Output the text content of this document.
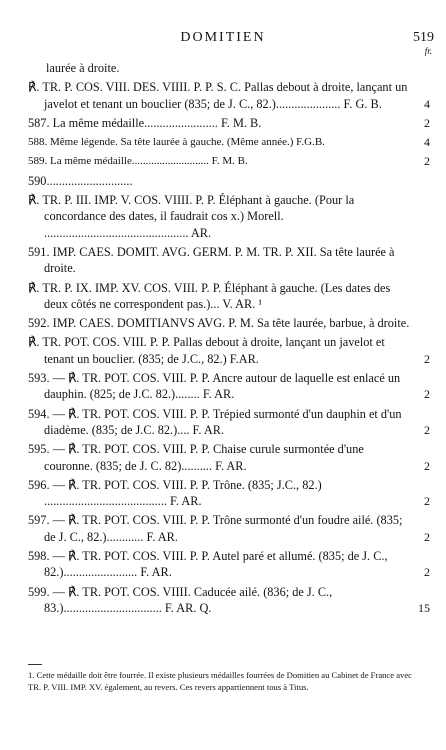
DOMITIEN	519
fr.
laurée à droite.
℟. TR. P. COS. VIII. DES. VIIII. P. P. S. C. Pallas debout à droite, lançant un javelot et tenant un bouclier (835; de J. C., 82.)..................... F. G. B.	4
587. La même médaille........................ F. M. B.	2
588. Même légende. Sa tête laurée à gauche. (Même année.) F.G.B.	4
589. La même médaille............................ F. M. B.	2
590............................
℟. TR. P. III. IMP. V. COS. VIIII. P. P. Éléphant à gauche. (Pour la concordance des dates, il faudrait cos x.) Morell. ............................................... AR.
591. IMP. CAES. DOMIT. AVG. GERM. P. M. TR. P. XII. Sa tête laurée à droite.
℟. TR. P. IX. IMP. XV. COS. VIII. P. P. Éléphant à gauche. (Les dates des deux côtés ne correspondent pas.)... V. AR. ¹
592. IMP. CAES. DOMITIANVS AVG. P. M. Sa tête laurée, barbue, à droite.
℟. TR. POT. COS. VIII. P. P. Pallas debout à droite, lançant un javelot et tenant un bouclier. (835; de J.C., 82.) F.AR.	2
593. — ℟. TR. POT. COS. VIII. P. P. Ancre autour de laquelle est enlacé un dauphin. (825; de J.C. 82.)........ F. AR.	2
594. — ℟. TR. POT. COS. VIII. P. P. Trépied surmonté d'un dauphin et d'un diadème. (835; de J.C. 82.).... F. AR.	2
595. — ℟. TR. POT. COS. VIII. P. P. Chaise curule surmontée d'une couronne. (835; de J. C. 82).......... F. AR.	2
596. — ℟. TR. POT. COS. VIII. P. P. Trône. (835; J.C., 82.) ........................................ F. AR.	2
597. — ℟. TR. POT. COS. VIII. P. P. Trône surmonté d'un foudre ailé. (835; de J. C., 82.)............ F. AR.	2
598. — ℟. TR. POT. COS. VIII. P. P. Autel paré et allumé. (835; de J. C., 82.)........................ F. AR.	2
599. — ℟. TR. POT. COS. VIIII. Caducée ailé. (836; de J. C., 83.)................................ F. AR. Q.	15
1. Cette médaille doit être fourrée. Il existe plusieurs médailles fourrées de Domitien au Cabinet de France avec TR. P. VIII. IMP. XV. également, au revers. Ces revers appartiennent tous à Titus.
